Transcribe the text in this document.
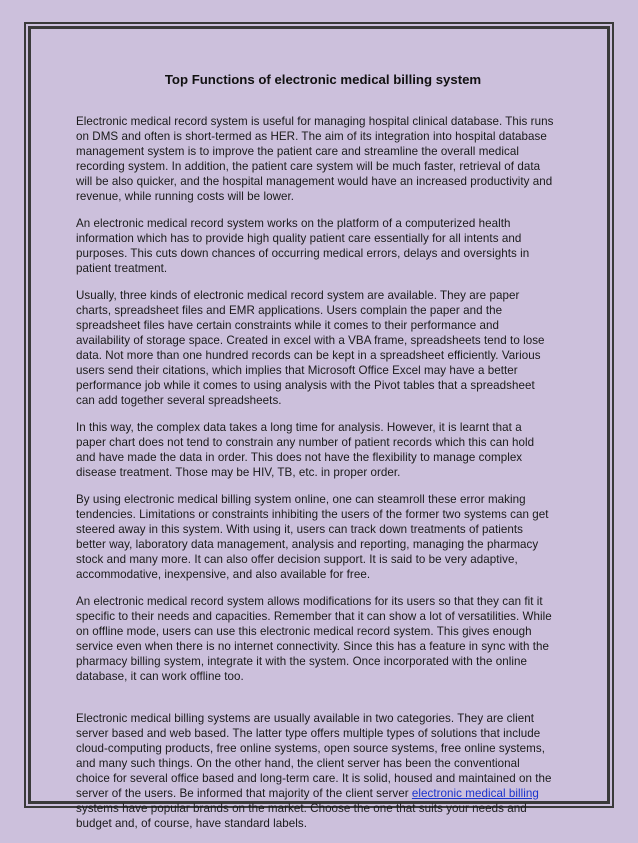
Top Functions of electronic medical billing system
Electronic medical record system is useful for managing hospital clinical database. This runs
on DMS and often is short-termed as HER. The aim of its integration into hospital database
management system is to improve the patient care and streamline the overall medical
recording system. In addition, the patient care system will be much faster, retrieval of data
will be also quicker, and the hospital management would have an increased productivity and
revenue, while running costs will be lower.
An electronic medical record system works on the platform of a computerized health
information which has to provide high quality patient care essentially for all intents and
purposes. This cuts down chances of occurring medical errors, delays and oversights in
patient treatment.
Usually, three kinds of electronic medical record system are available. They are paper
charts, spreadsheet files and EMR applications. Users complain the paper and the
spreadsheet files have certain constraints while it comes to their performance and
availability of storage space. Created in excel with a VBA frame, spreadsheets tend to lose
data. Not more than one hundred records can be kept in a spreadsheet efficiently. Various
users send their citations, which implies that Microsoft Office Excel may have a better
performance job while it comes to using analysis with the Pivot tables that a spreadsheet
can add together several spreadsheets.
In this way, the complex data takes a long time for analysis. However, it is learnt that a
paper chart does not tend to constrain any number of patient records which this can hold
and have made the data in order. This does not have the flexibility to manage complex
disease treatment. Those may be HIV, TB, etc. in proper order.
By using electronic medical billing system online, one can steamroll these error making
tendencies. Limitations or constraints inhibiting the users of the former two systems can get
steered away in this system. With using it, users can track down treatments of patients
better way, laboratory data management, analysis and reporting, managing the pharmacy
stock and many more. It can also offer decision support. It is said to be very adaptive,
accommodative, inexpensive, and also available for free.
An electronic medical record system allows modifications for its users so that they can fit it
specific to their needs and capacities. Remember that it can show a lot of versatilities. While
on offline mode, users can use this electronic medical record system. This gives enough
service even when there is no internet connectivity. Since this has a feature in sync with the
pharmacy billing system, integrate it with the system. Once incorporated with the online
database, it can work offline too.
Electronic medical billing systems are usually available in two categories. They are client
server based and web based. The latter type offers multiple types of solutions that include
cloud-computing products, free online systems, open source systems, free online systems,
and many such things. On the other hand, the client server has been the conventional
choice for several office based and long-term care. It is solid, housed and maintained on the
server of the users. Be informed that majority of the client server electronic medical billing
systems have popular brands on the market. Choose the one that suits your needs and
budget and, of course, have standard labels.
